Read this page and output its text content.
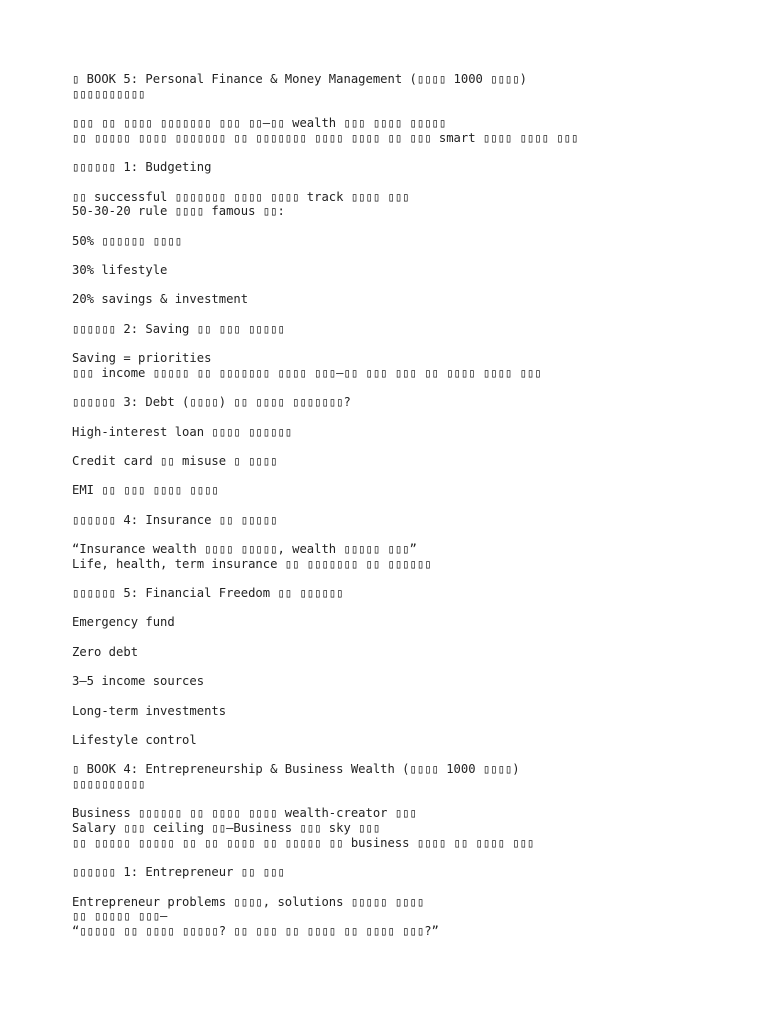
▯ BOOK 5: Personal Finance & Money Management (▯▯▯▯ 1000 ▯▯▯▯)
▯▯▯▯▯▯▯▯▯▯
▯▯▯ ▯▯ ▯▯▯▯ ▯▯▯▯▯▯▯ ▯▯▯ ▯▯—▯▯ wealth ▯▯▯ ▯▯▯▯ ▯▯▯▯▯
▯▯ ▯▯▯▯▯ ▯▯▯▯ ▯▯▯▯▯▯▯ ▯▯ ▯▯▯▯▯▯▯ ▯▯▯▯ ▯▯▯▯ ▯▯ ▯▯▯ smart ▯▯▯▯ ▯▯▯▯ ▯▯▯
▯▯▯▯▯▯ 1: Budgeting
▯▯ successful ▯▯▯▯▯▯▯ ▯▯▯▯ ▯▯▯▯ track ▯▯▯▯ ▯▯▯
50-30-20 rule ▯▯▯▯ famous ▯▯:
50% ▯▯▯▯▯▯ ▯▯▯▯
30% lifestyle
20% savings & investment
▯▯▯▯▯▯ 2: Saving ▯▯ ▯▯▯ ▯▯▯▯▯
Saving = priorities
▯▯▯ income ▯▯▯▯▯ ▯▯ ▯▯▯▯▯▯▯ ▯▯▯▯ ▯▯▯—▯▯ ▯▯▯ ▯▯▯ ▯▯ ▯▯▯▯ ▯▯▯▯ ▯▯▯
▯▯▯▯▯▯ 3: Debt (▯▯▯▯) ▯▯ ▯▯▯▯ ▯▯▯▯▯▯▯?
High-interest loan ▯▯▯▯ ▯▯▯▯▯▯
Credit card ▯▯ misuse ▯ ▯▯▯▯
EMI ▯▯ ▯▯▯ ▯▯▯▯ ▯▯▯▯
▯▯▯▯▯▯ 4: Insurance ▯▯ ▯▯▯▯▯
“Insurance wealth ▯▯▯▯ ▯▯▯▯▯, wealth ▯▯▯▯▯ ▯▯▯”
Life, health, term insurance ▯▯ ▯▯▯▯▯▯▯ ▯▯ ▯▯▯▯▯▯
▯▯▯▯▯▯ 5: Financial Freedom ▯▯ ▯▯▯▯▯▯
Emergency fund
Zero debt
3–5 income sources
Long-term investments
Lifestyle control
▯ BOOK 4: Entrepreneurship & Business Wealth (▯▯▯▯ 1000 ▯▯▯▯)
▯▯▯▯▯▯▯▯▯▯
Business ▯▯▯▯▯▯ ▯▯ ▯▯▯▯ ▯▯▯▯ wealth-creator ▯▯▯
Salary ▯▯▯ ceiling ▯▯—Business ▯▯▯ sky ▯▯▯
▯▯ ▯▯▯▯▯ ▯▯▯▯▯ ▯▯ ▯▯ ▯▯▯▯ ▯▯ ▯▯▯▯▯ ▯▯ business ▯▯▯▯ ▯▯ ▯▯▯▯ ▯▯▯
▯▯▯▯▯▯ 1: Entrepreneur ▯▯ ▯▯▯
Entrepreneur problems ▯▯▯▯, solutions ▯▯▯▯▯ ▯▯▯▯
▯▯ ▯▯▯▯▯ ▯▯▯—
“▯▯▯▯▯ ▯▯ ▯▯▯▯ ▯▯▯▯▯? ▯▯ ▯▯▯ ▯▯ ▯▯▯▯ ▯▯ ▯▯▯▯ ▯▯▯?”
